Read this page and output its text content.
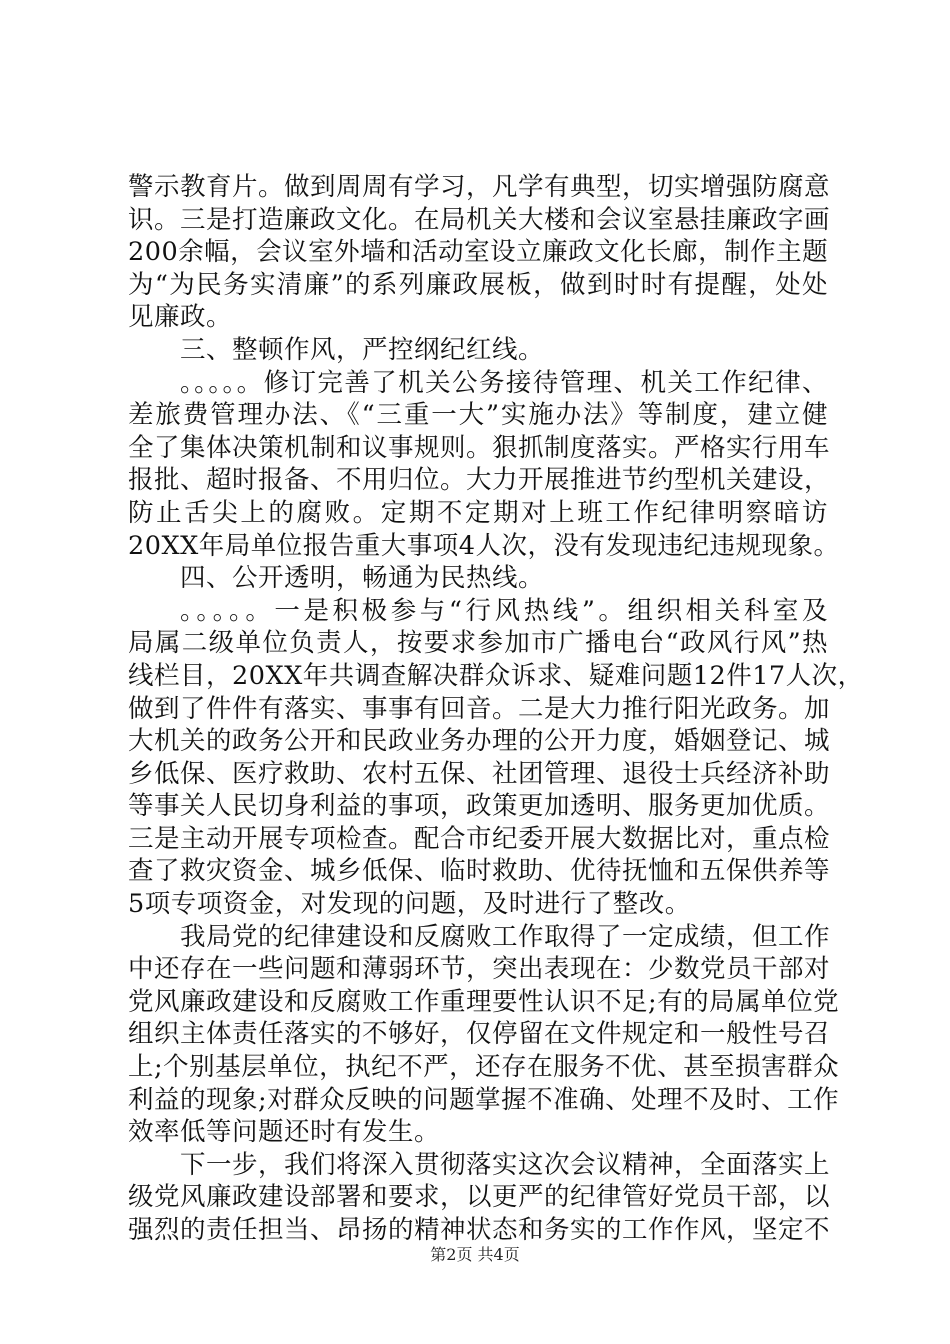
警示教育片。做到周周有学习，凡学有典型，切实增强防腐意
识。三是打造廉政文化。在局机关大楼和会议室悬挂廉政字画
200余幅，会议室外墙和活动室设立廉政文化长廊，制作主题
为“为民务实清廉”的系列廉政展板，做到时时有提醒，处处
见廉政。
三、整顿作风，严控纲纪红线。
。。。。。修订完善了机关公务接待管理、机关工作纪律、
差旅费管理办法、《“三重一大”实施办法》等制度，建立健
全了集体决策机制和议事规则。狠抓制度落实。严格实行用车
报批、超时报备、不用归位。大力开展推进节约型机关建设，
防止舌尖上的腐败。定期不定期对上班工作纪律明察暗访
20XX年局单位报告重大事项4人次，没有发现违纪违规现象。
四、公开透明，畅通为民热线。
。。。。。一是积极参与“行风热线”。组织相关科室及
局属二级单位负责人，按要求参加市广播电台“政风行风”热
线栏目，20XX年共调查解决群众诉求、疑难问题12件17人次，
做到了件件有落实、事事有回音。二是大力推行阳光政务。加
大机关的政务公开和民政业务办理的公开力度，婚姻登记、城
乡低保、医疗救助、农村五保、社团管理、退役士兵经济补助
等事关人民切身利益的事项，政策更加透明、服务更加优质。
三是主动开展专项检查。配合市纪委开展大数据比对，重点检
查了救灾资金、城乡低保、临时救助、优待抚恤和五保供养等
5项专项资金，对发现的问题，及时进行了整改。
我局党的纪律建设和反腐败工作取得了一定成绩，但工作
中还存在一些问题和薄弱环节，突出表现在：少数党员干部对
党风廉政建设和反腐败工作重理要性认识不足;有的局属单位党
组织主体责任落实的不够好，仅停留在文件规定和一般性号召
上;个别基层单位，执纪不严，还存在服务不优、甚至损害群众
利益的现象;对群众反映的问题掌握不准确、处理不及时、工作
效率低等问题还时有发生。
下一步，我们将深入贯彻落实这次会议精神，全面落实上
级党风廉政建设部署和要求，以更严的纪律管好党员干部，以
强烈的责任担当、昂扬的精神状态和务实的工作作风，坚定不
第2页 共4页
